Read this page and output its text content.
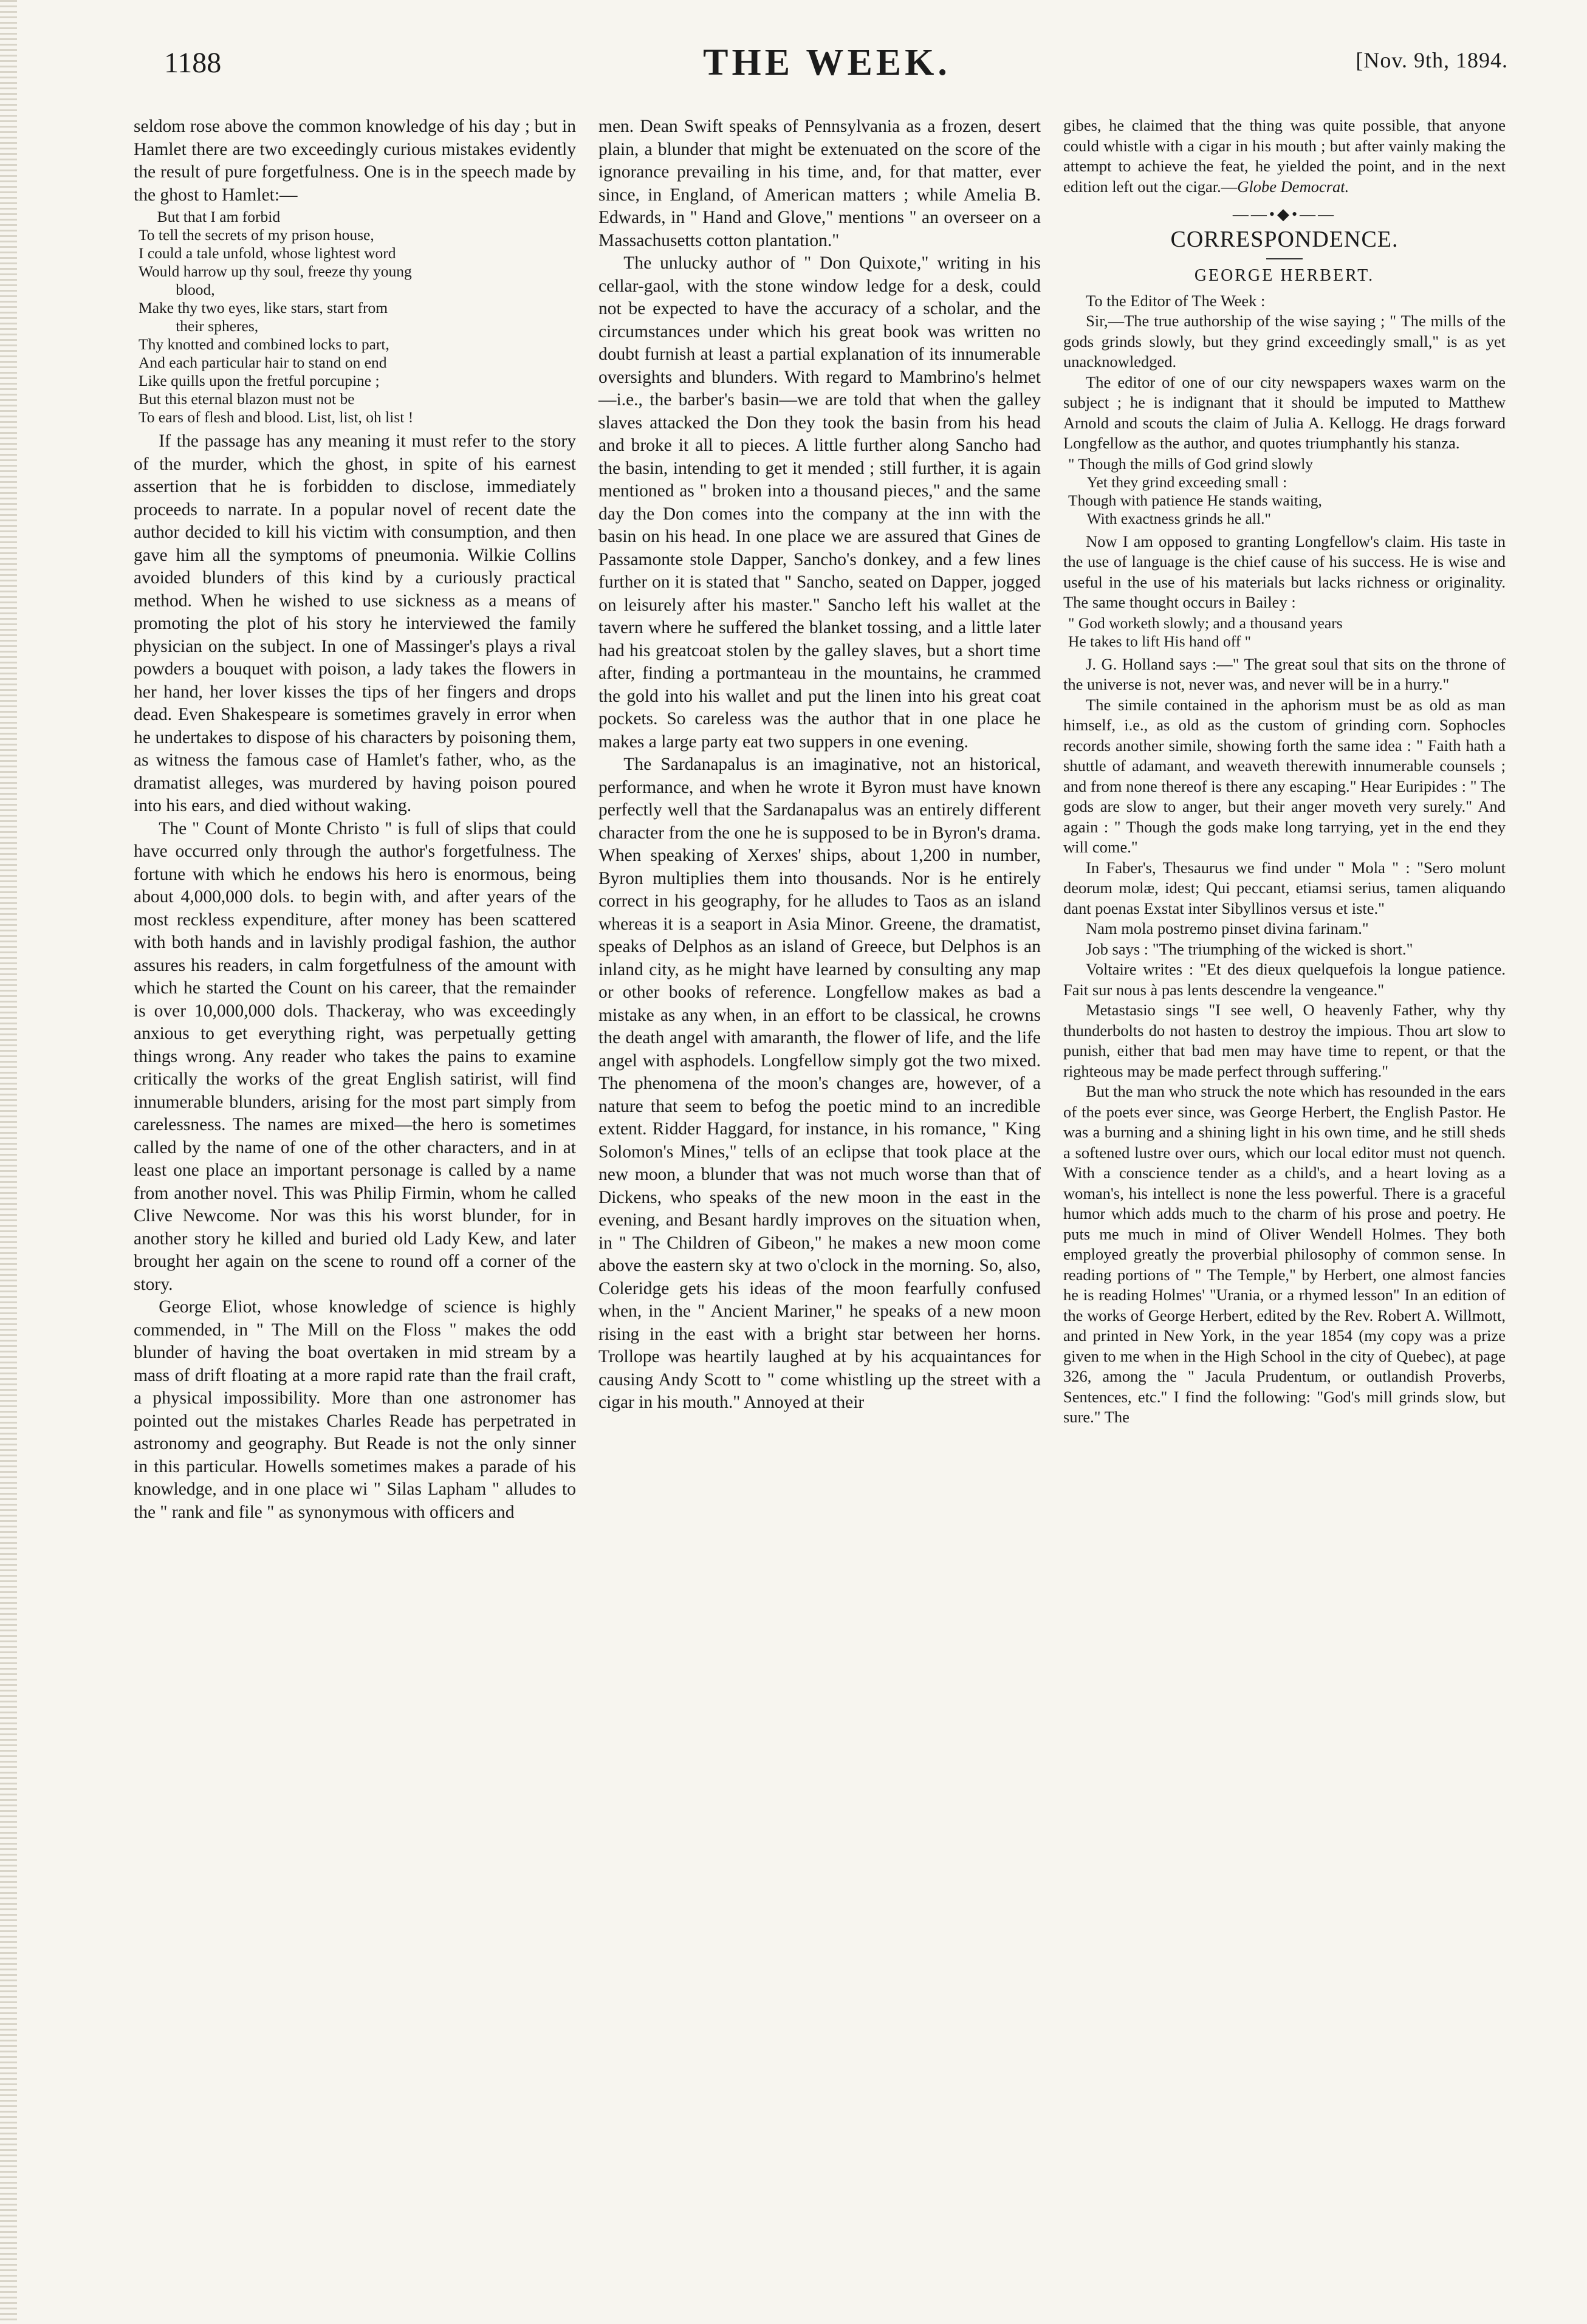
1188	THE WEEK.	[Nov. 9th, 1894.

seldom rose above the common knowledge of his day ; but in Hamlet there are two exceedingly curious mistakes evidently the result of pure forgetfulness. One is in the speech made by the ghost to Hamlet:—

But that I am forbid
To tell the secrets of my prison house,
I could a tale unfold, whose lightest word
Would harrow up thy soul, freeze thy young
blood,
Make thy two eyes, like stars, start from
their spheres,
Thy knotted and combined locks to part,
And each particular hair to stand on end
Like quills upon the fretful porcupine ;
But this eternal blazon must not be
To ears of flesh and blood. List, list, oh list !

If the passage has any meaning it must refer to the story of the murder, which the ghost, in spite of his earnest assertion that he is forbidden to disclose, immediately proceeds to narrate. In a popular novel of recent date the author decided to kill his victim with consumption, and then gave him all the symptoms of pneumonia. Wilkie Collins avoided blunders of this kind by a curiously practical method. When he wished to use sickness as a means of promoting the plot of his story he interviewed the family physician on the subject. In one of Massinger's plays a rival powders a bouquet with poison, a lady takes the flowers in her hand, her lover kisses the tips of her fingers and drops dead. Even Shakespeare is sometimes gravely in error when he undertakes to dispose of his characters by poisoning them, as witness the famous case of Hamlet's father, who, as the dramatist alleges, was murdered by having poison poured into his ears, and died without waking.

The " Count of Monte Christo " is full of slips that could have occurred only through the author's forgetfulness. The fortune with which he endows his hero is enormous, being about 4,000,000 dols. to begin with, and after years of the most reckless expenditure, after money has been scattered with both hands and in lavishly prodigal fashion, the author assures his readers, in calm forgetfulness of the amount with which he started the Count on his career, that the remainder is over 10,000,000 dols. Thackeray, who was exceedingly anxious to get everything right, was perpetually getting things wrong. Any reader who takes the pains to examine critically the works of the great English satirist, will find innumerable blunders, arising for the most part simply from carelessness. The names are mixed—the hero is sometimes called by the name of one of the other characters, and in at least one place an important personage is called by a name from another novel. This was Philip Firmin, whom he called Clive Newcome. Nor was this his worst blunder, for in another story he killed and buried old Lady Kew, and later brought her again on the scene to round off a corner of the story.

George Eliot, whose knowledge of science is highly commended, in " The Mill on the Floss " makes the odd blunder of having the boat overtaken in mid stream by a mass of drift floating at a more rapid rate than the frail craft, a physical impossibility. More than one astronomer has pointed out the mistakes Charles Reade has perpetrated in astronomy and geography. But Reade is not the only sinner in this particular. Howells sometimes makes a parade of his knowledge, and in one place wi " Silas Lapham " alludes to the " rank and file " as synonymous with officers and

men. Dean Swift speaks of Pennsylvania as a frozen, desert plain, a blunder that might be extenuated on the score of the ignorance prevailing in his time, and, for that matter, ever since, in England, of American matters ; while Amelia B. Edwards, in " Hand and Glove," mentions " an overseer on a Massachusetts cotton plantation."

The unlucky author of " Don Quixote," writing in his cellar-gaol, with the stone window ledge for a desk, could not be expected to have the accuracy of a scholar, and the circumstances under which his great book was written no doubt furnish at least a partial explanation of its innumerable oversights and blunders. With regard to Mambrino's helmet—i.e., the barber's basin—we are told that when the galley slaves attacked the Don they took the basin from his head and broke it all to pieces. A little further along Sancho had the basin, intending to get it mended ; still further, it is again mentioned as " broken into a thousand pieces," and the same day the Don comes into the company at the inn with the basin on his head. In one place we are assured that Gines de Passamonte stole Dapper, Sancho's donkey, and a few lines further on it is stated that " Sancho, seated on Dapper, jogged on leisurely after his master." Sancho left his wallet at the tavern where he suffered the blanket tossing, and a little later had his greatcoat stolen by the galley slaves, but a short time after, finding a portmanteau in the mountains, he crammed the gold into his wallet and put the linen into his great coat pockets. So careless was the author that in one place he makes a large party eat two suppers in one evening.

The Sardanapalus is an imaginative, not an historical, performance, and when he wrote it Byron must have known perfectly well that the Sardanapalus was an entirely different character from the one he is supposed to be in Byron's drama. When speaking of Xerxes' ships, about 1,200 in number, Byron multiplies them into thousands. Nor is he entirely correct in his geography, for he alludes to Taos as an island whereas it is a seaport in Asia Minor. Greene, the dramatist, speaks of Delphos as an island of Greece, but Delphos is an inland city, as he might have learned by consulting any map or other books of reference. Longfellow makes as bad a mistake as any when, in an effort to be classical, he crowns the death angel with amaranth, the flower of life, and the life angel with asphodels. Longfellow simply got the two mixed. The phenomena of the moon's changes are, however, of a nature that seem to befog the poetic mind to an incredible extent. Ridder Haggard, for instance, in his romance, " King Solomon's Mines," tells of an eclipse that took place at the new moon, a blunder that was not much worse than that of Dickens, who speaks of the new moon in the east in the evening, and Besant hardly improves on the situation when, in " The Children of Gibeon," he makes a new moon come above the eastern sky at two o'clock in the morning. So, also, Coleridge gets his ideas of the moon fearfully confused when, in the " Ancient Mariner," he speaks of a new moon rising in the east with a bright star between her horns. Trollope was heartily laughed at by his acquaintances for causing Andy Scott to " come whistling up the street with a cigar in his mouth." Annoyed at their

gibes, he claimed that the thing was quite possible, that anyone could whistle with a cigar in his mouth ; but after vainly making the attempt to achieve the feat, he yielded the point, and in the next edition left out the cigar.—Globe Democrat.

——•◆•——
CORRESPONDENCE.
GEORGE HERBERT.

To the Editor of The Week :

Sir,—The true authorship of the wise saying ; " The mills of the gods grinds slowly, but they grind exceedingly small," is as yet unacknowledged.

The editor of one of our city newspapers waxes warm on the subject ; he is indignant that it should be imputed to Matthew Arnold and scouts the claim of Julia A. Kellogg. He drags forward Longfellow as the author, and quotes triumphantly his stanza.

" Though the mills of God grind slowly
Yet they grind exceeding small :
Though with patience He stands waiting,
With exactness grinds he all."

Now I am opposed to granting Longfellow's claim. His taste in the use of language is the chief cause of his success. He is wise and useful in the use of his materials but lacks richness or originality. The same thought occurs in Bailey :

" God worketh slowly; and a thousand years
He takes to lift His hand off "

J. G. Holland says :—" The great soul that sits on the throne of the universe is not, never was, and never will be in a hurry."

The simile contained in the aphorism must be as old as man himself, i.e., as old as the custom of grinding corn. Sophocles records another simile, showing forth the same idea : " Faith hath a shuttle of adamant, and weaveth therewith innumerable counsels ; and from none thereof is there any escaping." Hear Euripides : " The gods are slow to anger, but their anger moveth very surely." And again : " Though the gods make long tarrying, yet in the end they will come."

In Faber's, Thesaurus we find under " Mola " : "Sero molunt deorum molæ, idest; Qui peccant, etiamsi serius, tamen aliquando dant poenas Exstat inter Sibyllinos versus et iste."

Nam mola postremo pinset divina farinam."

Job says : "The triumphing of the wicked is short."

Voltaire writes : "Et des dieux quelquefois la longue patience. Fait sur nous à pas lents descendre la vengeance."

Metastasio sings "I see well, O heavenly Father, why thy thunderbolts do not hasten to destroy the impious. Thou art slow to punish, either that bad men may have time to repent, or that the righteous may be made perfect through suffering."

But the man who struck the note which has resounded in the ears of the poets ever since, was George Herbert, the English Pastor. He was a burning and a shining light in his own time, and he still sheds a softened lustre over ours, which our local editor must not quench. With a conscience tender as a child's, and a heart loving as a woman's, his intellect is none the less powerful. There is a graceful humor which adds much to the charm of his prose and poetry. He puts me much in mind of Oliver Wendell Holmes. They both employed greatly the proverbial philosophy of common sense. In reading portions of " The Temple," by Herbert, one almost fancies he is reading Holmes' "Urania, or a rhymed lesson" In an edition of the works of George Herbert, edited by the Rev. Robert A. Willmott, and printed in New York, in the year 1854 (my copy was a prize given to me when in the High School in the city of Quebec), at page 326, among the " Jacula Prudentum, or outlandish Proverbs, Sentences, etc." I find the following: "God's mill grinds slow, but sure." The
